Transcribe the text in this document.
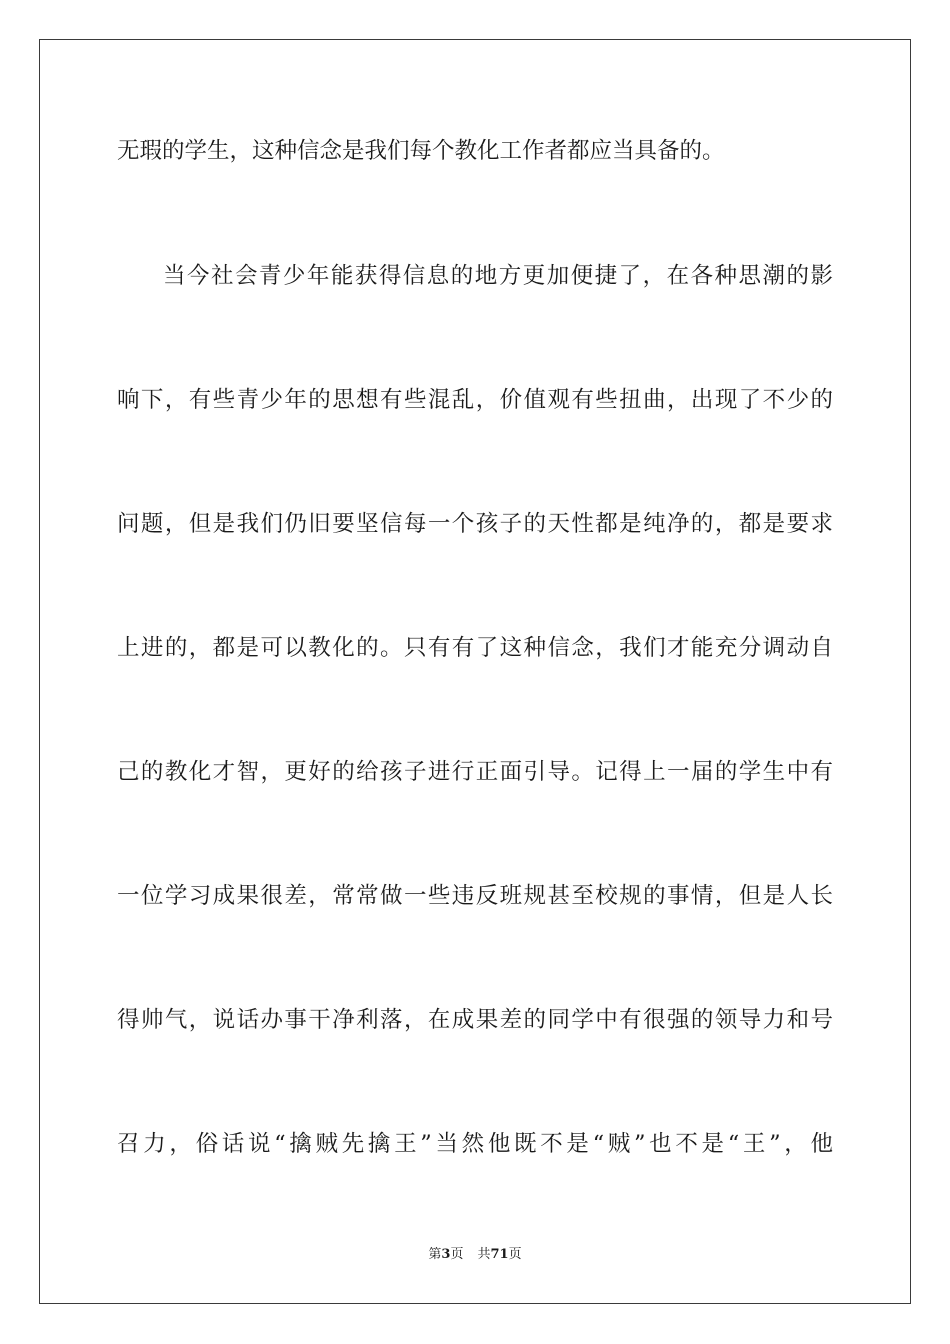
无瑕的学生，这种信念是我们每个教化工作者都应当具备的。
当今社会青少年能获得信息的地方更加便捷了，在各种思潮的影
响下，有些青少年的思想有些混乱，价值观有些扭曲，出现了不少的
问题，但是我们仍旧要坚信每一个孩子的天性都是纯净的，都是要求
上进的，都是可以教化的。只有有了这种信念，我们才能充分调动自
己的教化才智，更好的给孩子进行正面引导。记得上一届的学生中有
一位学习成果很差，常常做一些违反班规甚至校规的事情，但是人长
得帅气，说话办事干净利落，在成果差的同学中有很强的领导力和号
召力，俗话说“擒贼先擒王”当然他既不是“贼”也不是“王”，他
第3页 共71页
